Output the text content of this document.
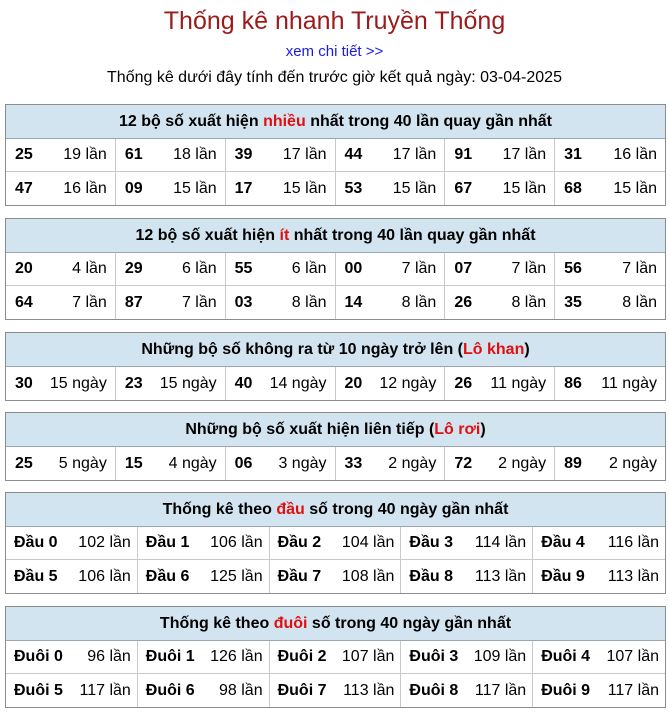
Thống kê nhanh Truyền Thống
xem chi tiết >>
Thống kê dưới đây tính đến trước giờ kết quả ngày: 03-04-2025
12 bộ số xuất hiện
nhiều
nhất trong 40 lần quay gần nhất
25 19 lần 61 18 lần 39 17 lần 44 17 lần 91 17 lần 31 16 lần
47 16 lần 09 15 lần 17 15 lần 53 15 lần 67 15 lần 68 15 lần
12 bộ số xuất hiện
ít
nhất trong 40 lần quay gần nhất
20 4 lần 29 6 lần 55 6 lần 00 7 lần 07 7 lần 56	7 lần
64 7 lần 87 7 lần 03 8 lần 14 8 lần 26 8 lần 35	8 lần
Những bộ số không ra từ 10 ngày trở lên ( Lô khan )
30 15 ngày 23 15 ngày 40 14 ngày 20 12 ngày 26 11 ngày 86 11 ngày
Những bộ số xuất hiện liên tiếp ( Lô rơi )
25 5 ngày 15 4 ngày 06 3 ngày 33 2 ngày 72 2 ngày 89 2 ngày
Thống kê theo
đầu
số trong 40 ngày gần nhất
Đầu 0 102 lần Đầu 1 106 lần Đầu 2 104 lần Đầu 3 114 lần Đầu 4 116 lần
Đầu 5 106 lần Đầu 6 125 lần Đầu 7 108 lần Đầu 8 113 lần Đầu 9 113 lần
Thống kê theo
đuôi
số trong 40 ngày gần nhất
Đuôi 0 96 lần Đuôi 1 126 lần Đuôi 2 107 lần Đuôi 3 109 lần Đuôi 4 107 lần
Đuôi 5 117 lần Đuôi 6 98 lần Đuôi 7 113 lần Đuôi 8 117 lần Đuôi 9 117 lần
